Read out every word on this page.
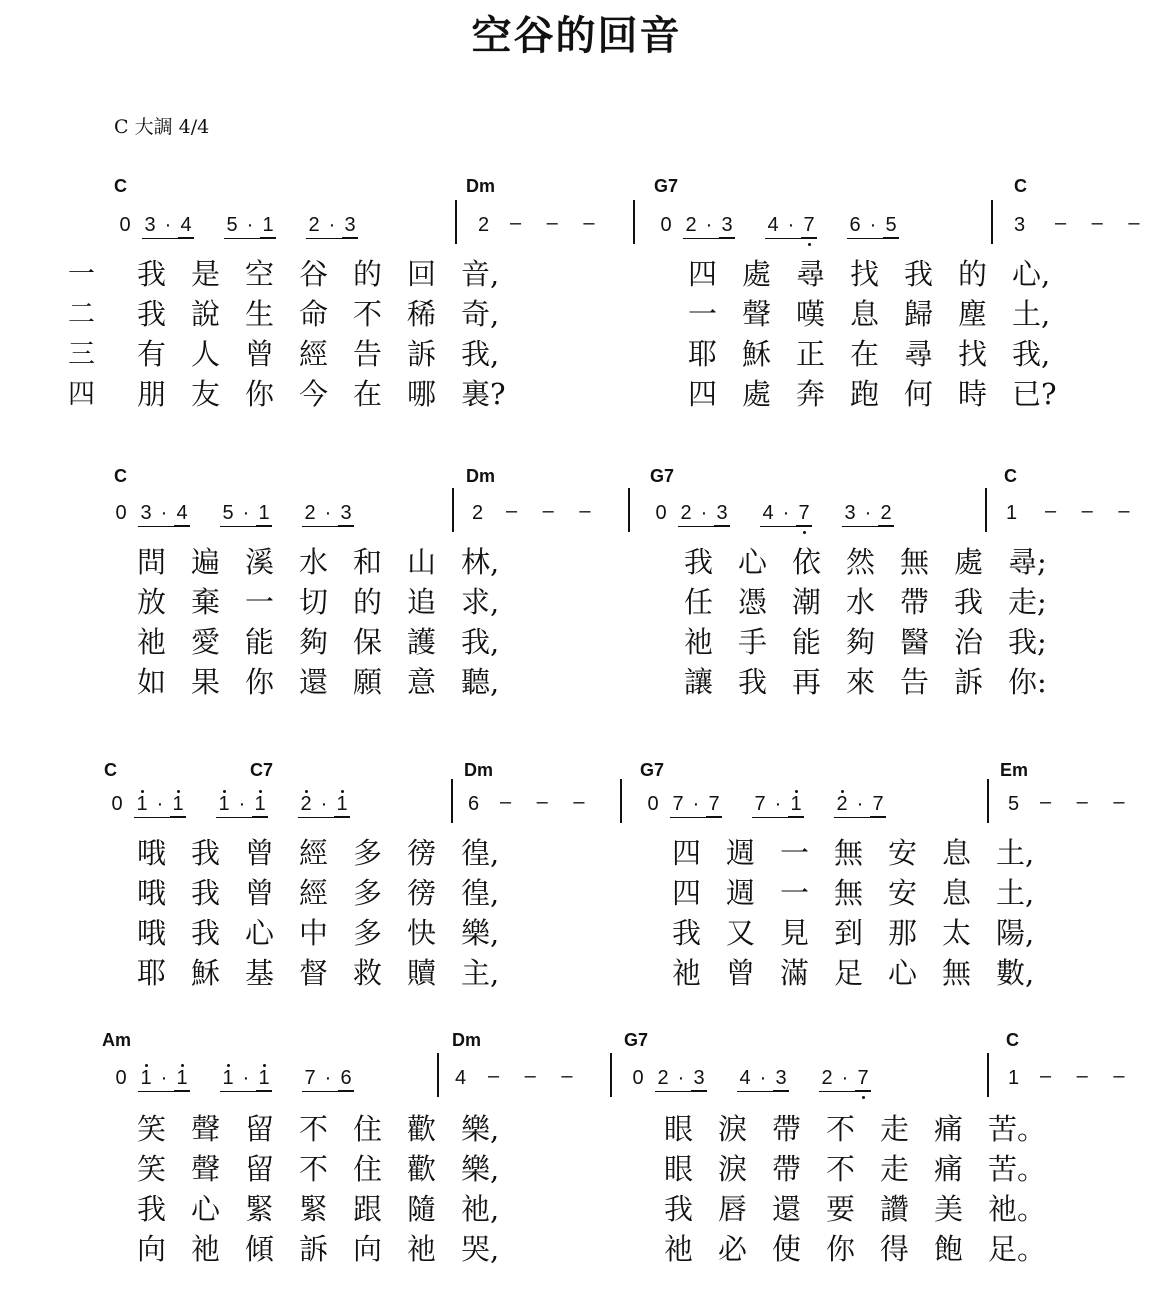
空谷的回音
C 大調 4/4
C	Dm	G7	C
0 3 · 4 5 · 1 2 · 3	0 2 · 3 4 · 7 6 · 5
2 – – –	3 – – –
一
二
三
四
我 是 空 谷 的 回 音,
我 說 生 命 不 稀 奇,
有 人 曾 經 告 訴 我,
朋 友 你 今 在 哪 裏?
四 處 尋 找 我 的 心,
一 聲 嘆 息 歸 塵 土,
耶 穌 正 在 尋 找 我,
四 處 奔 跑 何 時 已?
C	Dm	G7	C
0 3 · 4 5 · 1 2 · 3	0 2 · 3 4 · 7 3 · 2
2 – – –	1 – – –
問 遍 溪 水 和 山 林,
放 棄 一 切 的 追 求,
祂 愛 能 夠 保 護 我,
如 果 你 還 願 意 聽,
我 心 依 然 無 處 尋;
任 憑 潮 水 帶 我 走;
祂 手 能 夠 醫 治 我;
讓 我 再 來 告 訴 你:
C	C7	Dm	G7	Em
0 1 · 1 1 · 1 2 · 1	0 7 · 7 7 · 1 2 · 7
6 – – –	5 – – –
哦 我 曾 經 多 徬 徨,
哦 我 曾 經 多 徬 徨,
哦 我 心 中 多 快 樂,
耶 穌 基 督 救 贖 主,
四 週 一 無 安 息 土,
四 週 一 無 安 息 土,
我 又 見 到 那 太 陽,
祂 曾 滿 足 心 無 數,
Am	Dm	G7	C
0 1 · 1 1 · 1 7 · 6	0 2 · 3 4 · 3 2 · 7
4 – – –	1 – – –
笑 聲 留 不 住 歡 樂,
笑 聲 留 不 住 歡 樂,
我 心 緊 緊 跟 隨 祂,
向 祂 傾 訴 向 祂 哭,
眼 淚 帶 不 走 痛 苦。
眼 淚 帶 不 走 痛 苦。
我 唇 還 要 讚 美 祂。
祂 必 使 你 得 飽 足。
